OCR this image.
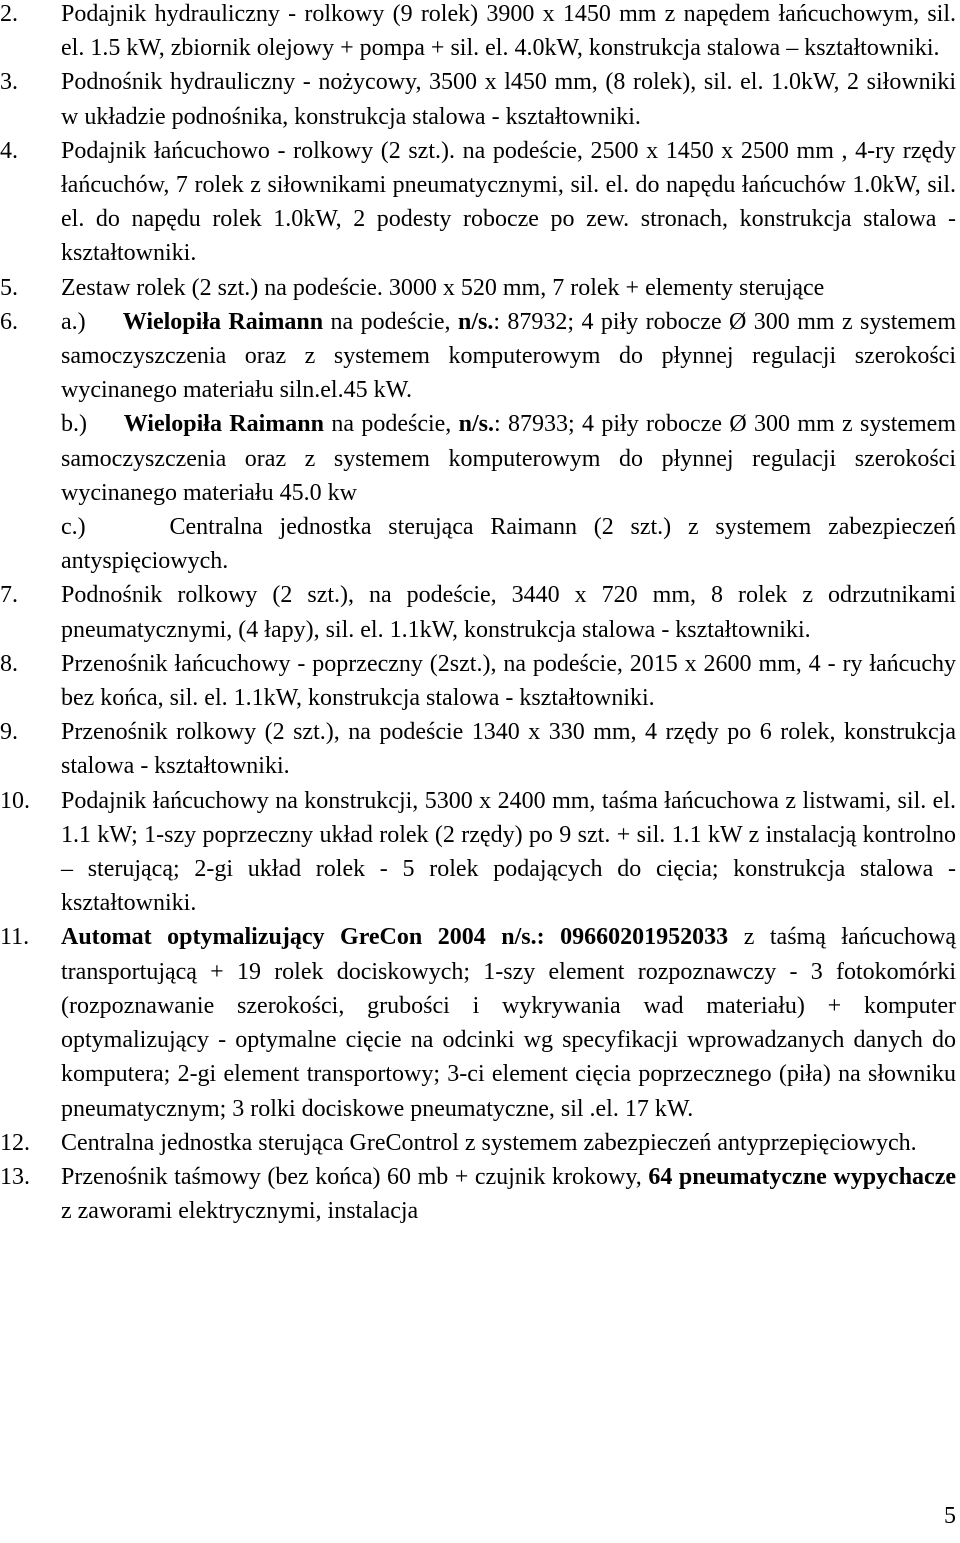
2. Podajnik hydrauliczny - rolkowy (9 rolek) 3900 x 1450 mm z napędem łańcuchowym, sil. el. 1.5 kW, zbiornik olejowy + pompa + sil. el. 4.0kW, konstrukcja stalowa – kształtowniki.
3. Podnośnik hydrauliczny - nożycowy, 3500 x l450 mm, (8 rolek), sil. el. 1.0kW, 2 siłowniki w układzie podnośnika, konstrukcja stalowa - kształtowniki.
4. Podajnik łańcuchowo - rolkowy (2 szt.). na podeście, 2500 x 1450 x 2500 mm , 4-ry rzędy łańcuchów, 7 rolek z siłownikami pneumatycznymi, sil. el. do napędu łańcuchów 1.0kW, sil. el. do napędu rolek 1.0kW, 2 podesty robocze po zew. stronach, konstrukcja stalowa - kształtowniki.
5. Zestaw rolek (2 szt.) na podeście. 3000 x 520 mm, 7 rolek + elementy sterujące
6. a.) Wielopiła Raimann na podeście, n/s.: 87932; 4 piły robocze Ø 300 mm z systemem samoczyszczenia oraz z systemem komputerowym do płynnej regulacji szerokości wycinanego materiału siln.el.45 kW.
b.) Wielopiła Raimann na podeście, n/s.: 87933; 4 piły robocze Ø 300 mm z systemem samoczyszczenia oraz z systemem komputerowym do płynnej regulacji szerokości wycinanego materiału 45.0 kw
c.)	Centralna jednostka sterująca Raimann (2 szt.) z systemem zabezpieczeń antyspięciowych.
7. Podnośnik rolkowy (2 szt.), na podeście, 3440 x 720 mm, 8 rolek z odrzutnikami pneumatycznymi, (4 łapy), sil. el. 1.1kW, konstrukcja stalowa - kształtowniki.
8. Przenośnik łańcuchowy - poprzeczny (2szt.), na podeście, 2015 x 2600 mm, 4 - ry łańcuchy bez końca, sil. el. 1.1kW, konstrukcja stalowa - kształtowniki.
9. Przenośnik rolkowy (2 szt.), na podeście 1340 x 330 mm, 4 rzędy po 6 rolek, konstrukcja stalowa - kształtowniki.
10. Podajnik łańcuchowy na konstrukcji, 5300 x 2400 mm, taśma łańcuchowa z listwami, sil. el. 1.1 kW; 1-szy poprzeczny układ rolek (2 rzędy) po 9 szt. + sil. 1.1 kW z instalacją kontrolno – sterującą; 2-gi układ rolek - 5 rolek podających do cięcia; konstrukcja stalowa - kształtowniki.
11. Automat optymalizujący GreCon 2004 n/s.: 09660201952033 z taśmą łańcuchową transportującą + 19 rolek dociskowych; 1-szy element rozpoznawczy - 3 fotokomórki (rozpoznawanie szerokości, grubości i wykrywania wad materiału) + komputer optymalizujący - optymalne cięcie na odcinki wg specyfikacji wprowadzanych danych do komputera; 2-gi element transportowy; 3-ci element cięcia poprzecznego (piła) na słowniku pneumatycznym; 3 rolki dociskowe pneumatyczne, sil .el. 17 kW.
12. Centralna jednostka sterująca GreControl z systemem zabezpieczeń antyprzepięciowych.
13. Przenośnik taśmowy (bez końca) 60 mb + czujnik krokowy, 64 pneumatyczne wypychacze z zaworami elektrycznymi, instalacja
5
